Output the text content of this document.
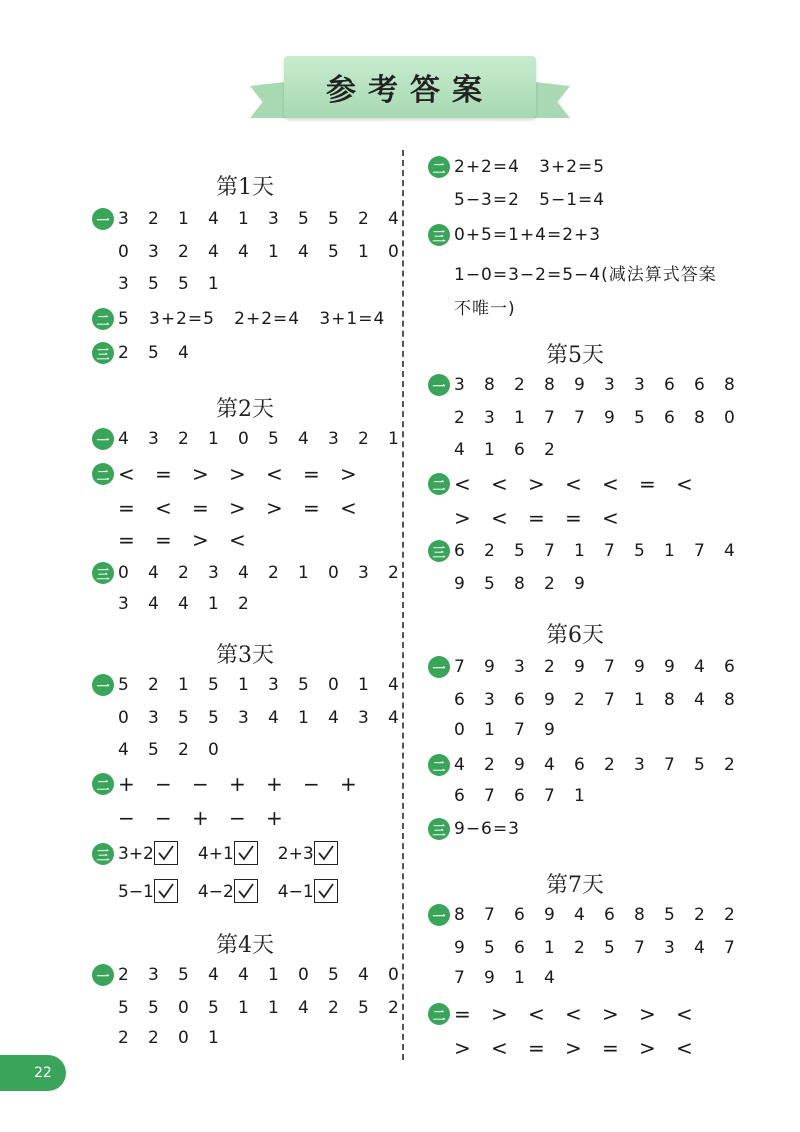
参考答案
第1天
一 3 2 1 4 1 3 5 5 2 4
0 3 2 4 4 1 4 5 1 0
3 5 5 1
二 5   3+2=5   2+2=4   3+1=4
三 2 5 4
第2天
一 4 3 2 1 0 5 4 3 2 1
二 < = > > < = >
= < = > > = <
= = > <
三 0 4 2 3 4 2 1 0 3 2
3 4 4 1 2
第3天
一 5 2 1 5 1 3 5 0 1 4
0 3 5 5 3 4 1 4 3 4
4 5 2 0
二 + − − + + − +
− − + − +
三 3+2	4+1	2+3
5−1	4−2	4−1
第4天
一 2 3 5 4 4 1 0 5 4 0
5 5 0 5 1 1 4 2 5 2
2 2 0 1
二 2+2=4   3+2=5
5−3=2   5−1=4
三 0+5=1+4=2+3
1−0=3−2=5−4(减法算式答案
不唯一)
第5天
一 3 8 2 8 9 3 3 6 6 8
2 3 1 7 7 9 5 6 8 0
4 1 6 2
二 < < > < < = <
> < = = <
三 6 2 5 7 1 7 5 1 7 4
9 5 8 2 9
第6天
一 7 9 3 2 9 7 9 9 4 6
6 3 6 9 2 7 1 8 4 8
0 1 7 9
二 4 2 9 4 6 2 3 7 5 2
6 7 6 7 1
三 9−6=3
第7天
一 8 7 6 9 4 6 8 5 2 2
9 5 6 1 2 5 7 3 4 7
7 9 1 4
二 = > < < > > <
> < = > = > <
22
